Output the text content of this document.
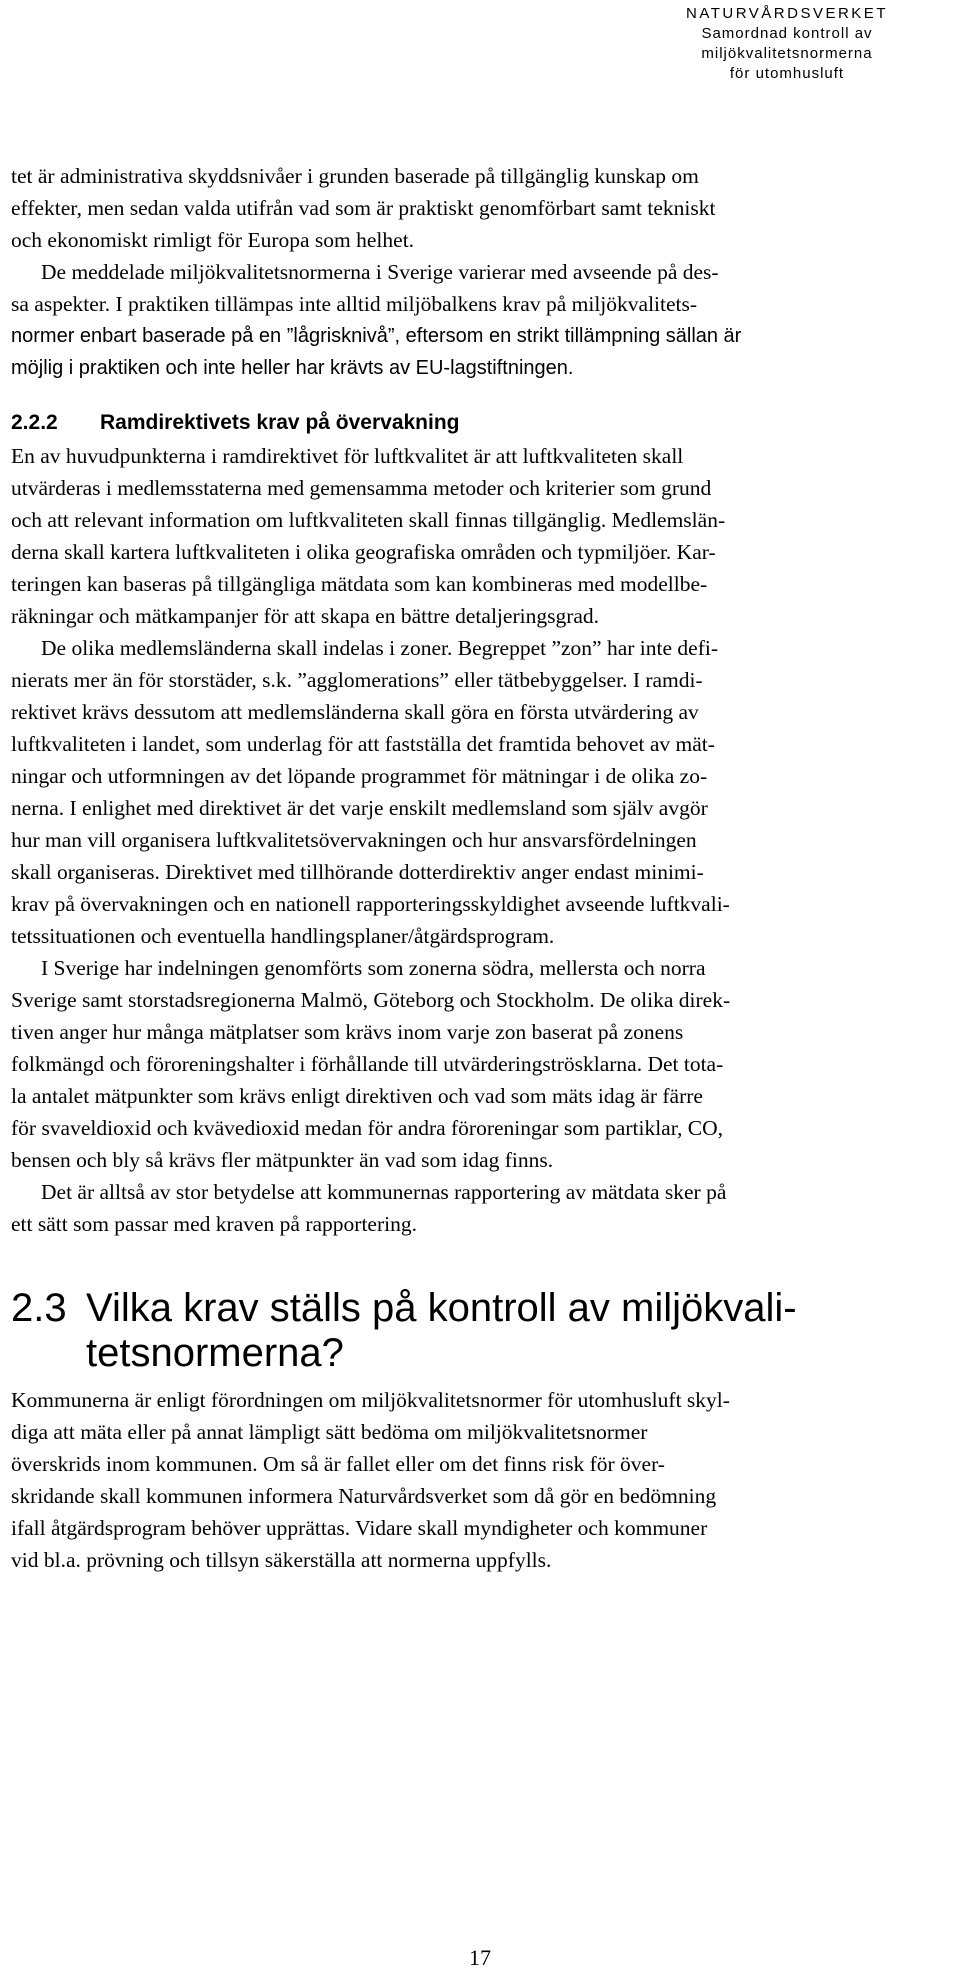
NATURVÅRDSVERKET
Samordnad kontroll av miljökvalitetsnormerna
för utomhusluft
tet är administrativa skyddsnivåer i grunden baserade på tillgänglig kunskap om
effekter, men sedan valda utifrån vad som är praktiskt genomförbart samt tekniskt
och ekonomiskt rimligt för Europa som helhet.
De meddelade miljökvalitetsnormerna i Sverige varierar med avseende på des-
sa aspekter. I praktiken tillämpas inte alltid miljöbalkens krav på miljökvalitets-
normer enbart baserade på en ”lågrisknivå”, eftersom en strikt tillämpning sällan är
möjlig i praktiken och inte heller har krävts av EU-lagstiftningen.
2.2.2 Ramdirektivets krav på övervakning
En av huvudpunkterna i ramdirektivet för luftkvalitet är att luftkvaliteten skall
utvärderas i medlemsstaterna med gemensamma metoder och kriterier som grund
och att relevant information om luftkvaliteten skall finnas tillgänglig. Medlemslän-
derna skall kartera luftkvaliteten i olika geografiska områden och typmiljöer. Kar-
teringen kan baseras på tillgängliga mätdata som kan kombineras med modellbe-
räkningar och mätkampanjer för att skapa en bättre detaljeringsgrad.
De olika medlemsländerna skall indelas i zoner. Begreppet ”zon” har inte defi-
nierats mer än för storstäder, s.k. ”agglomerations” eller tätbebyggelser. I ramdi-
rektivet krävs dessutom att medlemsländerna skall göra en första utvärdering av
luftkvaliteten i landet, som underlag för att fastställa det framtida behovet av mät-
ningar och utformningen av det löpande programmet för mätningar i de olika zo-
nerna. I enlighet med direktivet är det varje enskilt medlemsland som själv avgör
hur man vill organisera luftkvalitetsövervakningen och hur ansvarsfördelningen
skall organiseras. Direktivet med tillhörande dotterdirektiv anger endast minimi-
krav på övervakningen och en nationell rapporteringsskyldighet avseende luftkvali-
tetssituationen och eventuella handlingsplaner/åtgärdsprogram.
I Sverige har indelningen genomförts som zonerna södra, mellersta och norra
Sverige samt storstadsregionerna Malmö, Göteborg och Stockholm. De olika direk-
tiven anger hur många mätplatser som krävs inom varje zon baserat på zonens
folkmängd och föroreningshalter i förhållande till utvärderingströsklarna. Det tota-
la antalet mätpunkter som krävs enligt direktiven och vad som mäts idag är färre
för svaveldioxid och kvävedioxid medan för andra föroreningar som partiklar, CO,
bensen och bly så krävs fler mätpunkter än vad som idag finns.
Det är alltså av stor betydelse att kommunernas rapportering av mätdata sker på
ett sätt som passar med kraven på rapportering.
2.3 Vilka krav ställs på kontroll av miljökvali-
tetsnormerna?
Kommunerna är enligt förordningen om miljökvalitetsnormer för utomhusluft skyl-
diga att mäta eller på annat lämpligt sätt bedöma om miljökvalitetsnormer
överskrids inom kommunen. Om så är fallet eller om det finns risk för över-
skridande skall kommunen informera Naturvårdsverket som då gör en bedömning
ifall åtgärdsprogram behöver upprättas. Vidare skall myndigheter och kommuner
vid bl.a. prövning och tillsyn säkerställa att normerna uppfylls.
17
